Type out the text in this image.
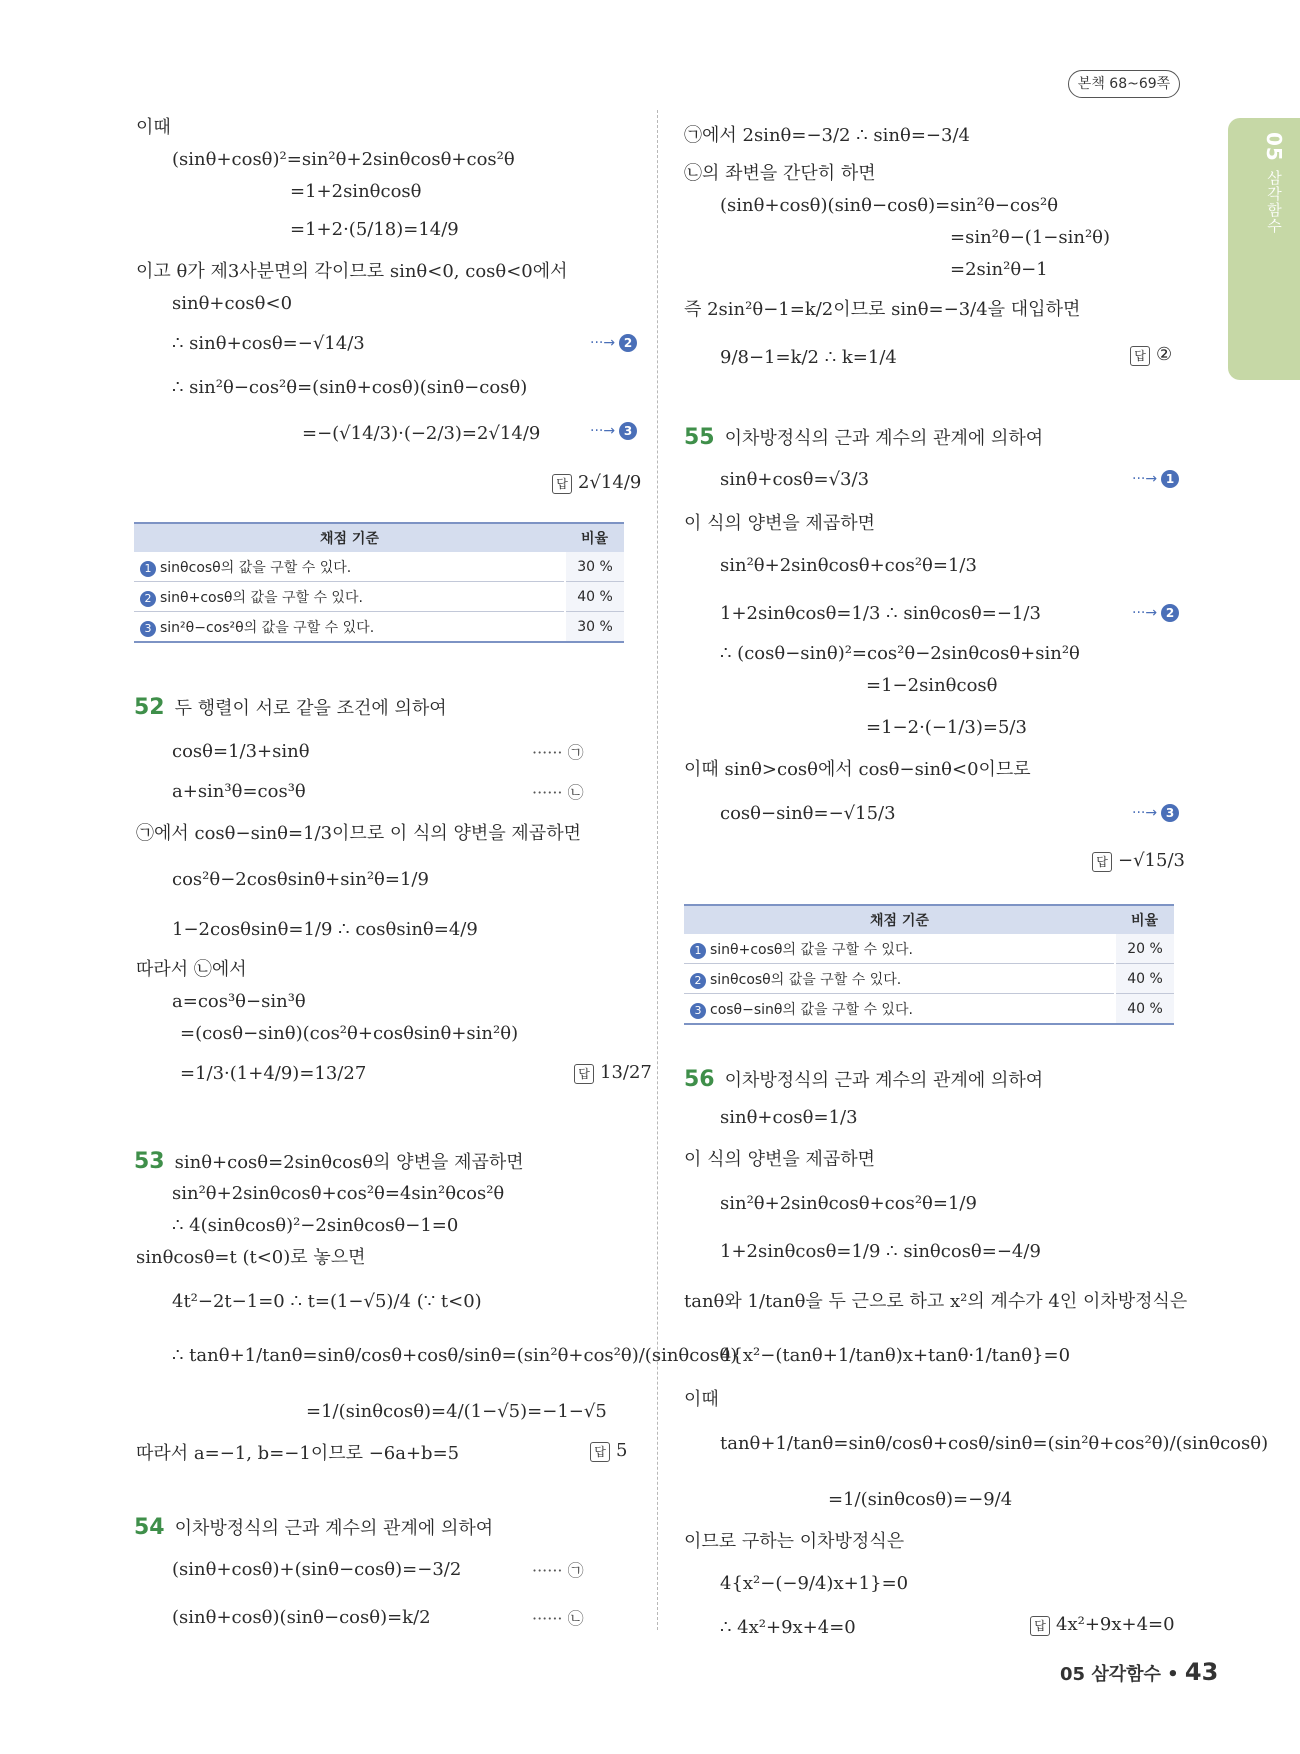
본책 68~69쪽
05 삼각함수
이때
(sinθ+cosθ)²=sin²θ+2sinθcosθ+cos²θ
=1+2sinθcosθ
=1+2·(5/18)=14/9
이고 θ가 제3사분면의 각이므로 sinθ<0, cosθ<0에서
sinθ+cosθ<0
∴ sinθ+cosθ=−√14/3	···→ 2
∴ sin²θ−cos²θ=(sinθ+cosθ)(sinθ−cosθ)
=−(√14/3)·(−2/3)=2√14/9	···→ 3
답 2√14/9
채점 기준	비율
1 sinθcosθ의 값을 구할 수 있다.	30 %
2 sinθ+cosθ의 값을 구할 수 있다.	40 %
3 sin²θ−cos²θ의 값을 구할 수 있다.	30 %
52 두 행렬이 서로 같을 조건에 의하여
cosθ=1/3+sinθ	······ ㉠
a+sin³θ=cos³θ	······ ㉡
㉠에서 cosθ−sinθ=1/3이므로 이 식의 양변을 제곱하면
cos²θ−2cosθsinθ+sin²θ=1/9
1−2cosθsinθ=1/9 ∴ cosθsinθ=4/9
따라서 ㉡에서
a=cos³θ−sin³θ
=(cosθ−sinθ)(cos²θ+cosθsinθ+sin²θ)
=1/3·(1+4/9)=13/27	답 13/27
53 sinθ+cosθ=2sinθcosθ의 양변을 제곱하면
sin²θ+2sinθcosθ+cos²θ=4sin²θcos²θ
∴ 4(sinθcosθ)²−2sinθcosθ−1=0
sinθcosθ=t (t<0)로 놓으면
4t²−2t−1=0 ∴ t=(1−√5)/4 (∵ t<0)
∴ tanθ+1/tanθ=sinθ/cosθ+cosθ/sinθ=(sin²θ+cos²θ)/(sinθcosθ)
=1/(sinθcosθ)=4/(1−√5)=−1−√5
따라서 a=−1, b=−1이므로 −6a+b=5	답 5
54 이차방정식의 근과 계수의 관계에 의하여
(sinθ+cosθ)+(sinθ−cosθ)=−3/2	······ ㉠
(sinθ+cosθ)(sinθ−cosθ)=k/2	······ ㉡
㉠에서 2sinθ=−3/2 ∴ sinθ=−3/4
㉡의 좌변을 간단히 하면
(sinθ+cosθ)(sinθ−cosθ)=sin²θ−cos²θ
=sin²θ−(1−sin²θ)
=2sin²θ−1
즉 2sin²θ−1=k/2이므로 sinθ=−3/4을 대입하면
9/8−1=k/2 ∴ k=1/4	답 ②
55 이차방정식의 근과 계수의 관계에 의하여
sinθ+cosθ=√3/3	···→ 1
이 식의 양변을 제곱하면
sin²θ+2sinθcosθ+cos²θ=1/3
1+2sinθcosθ=1/3 ∴ sinθcosθ=−1/3	···→ 2
∴ (cosθ−sinθ)²=cos²θ−2sinθcosθ+sin²θ
=1−2sinθcosθ
=1−2·(−1/3)=5/3
이때 sinθ>cosθ에서 cosθ−sinθ<0이므로
cosθ−sinθ=−√15/3	···→ 3
답 −√15/3
채점 기준	비율
1 sinθ+cosθ의 값을 구할 수 있다.	20 %
2 sinθcosθ의 값을 구할 수 있다.	40 %
3 cosθ−sinθ의 값을 구할 수 있다.	40 %
56 이차방정식의 근과 계수의 관계에 의하여
sinθ+cosθ=1/3
이 식의 양변을 제곱하면
sin²θ+2sinθcosθ+cos²θ=1/9
1+2sinθcosθ=1/9 ∴ sinθcosθ=−4/9
tanθ와 1/tanθ을 두 근으로 하고 x²의 계수가 4인 이차방정식은
4{x²−(tanθ+1/tanθ)x+tanθ·1/tanθ}=0
이때
tanθ+1/tanθ=sinθ/cosθ+cosθ/sinθ=(sin²θ+cos²θ)/(sinθcosθ)
=1/(sinθcosθ)=−9/4
이므로 구하는 이차방정식은
4{x²−(−9/4)x+1}=0
∴ 4x²+9x+4=0	답 4x²+9x+4=0
05 삼각함수 • 43
